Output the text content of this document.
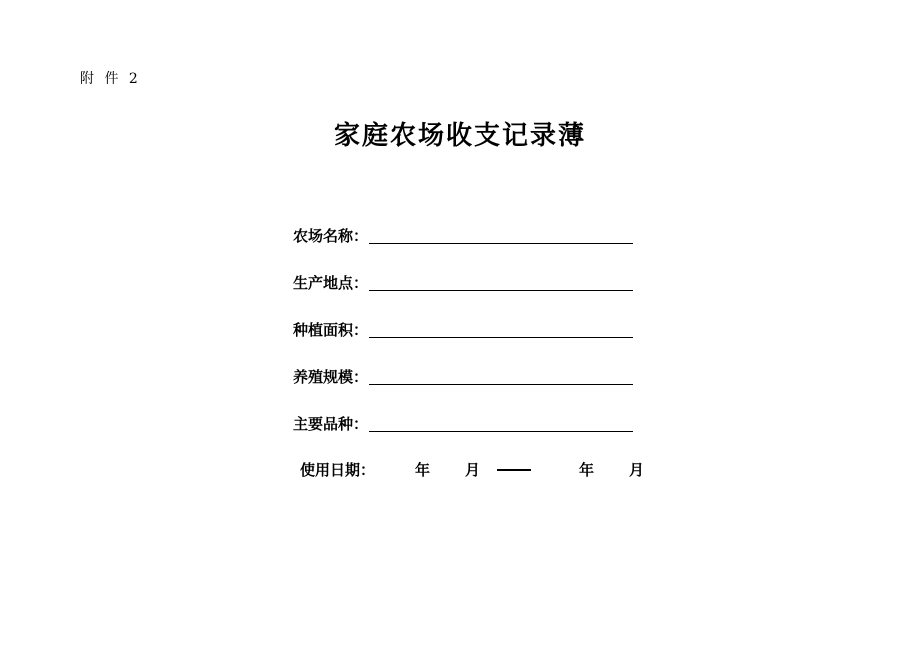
附 件 2
家庭农场收支记录薄
农场名称：
生产地点：
种植面积：
养殖规模：
主要品种：
使用日期：	年	月	年	月
